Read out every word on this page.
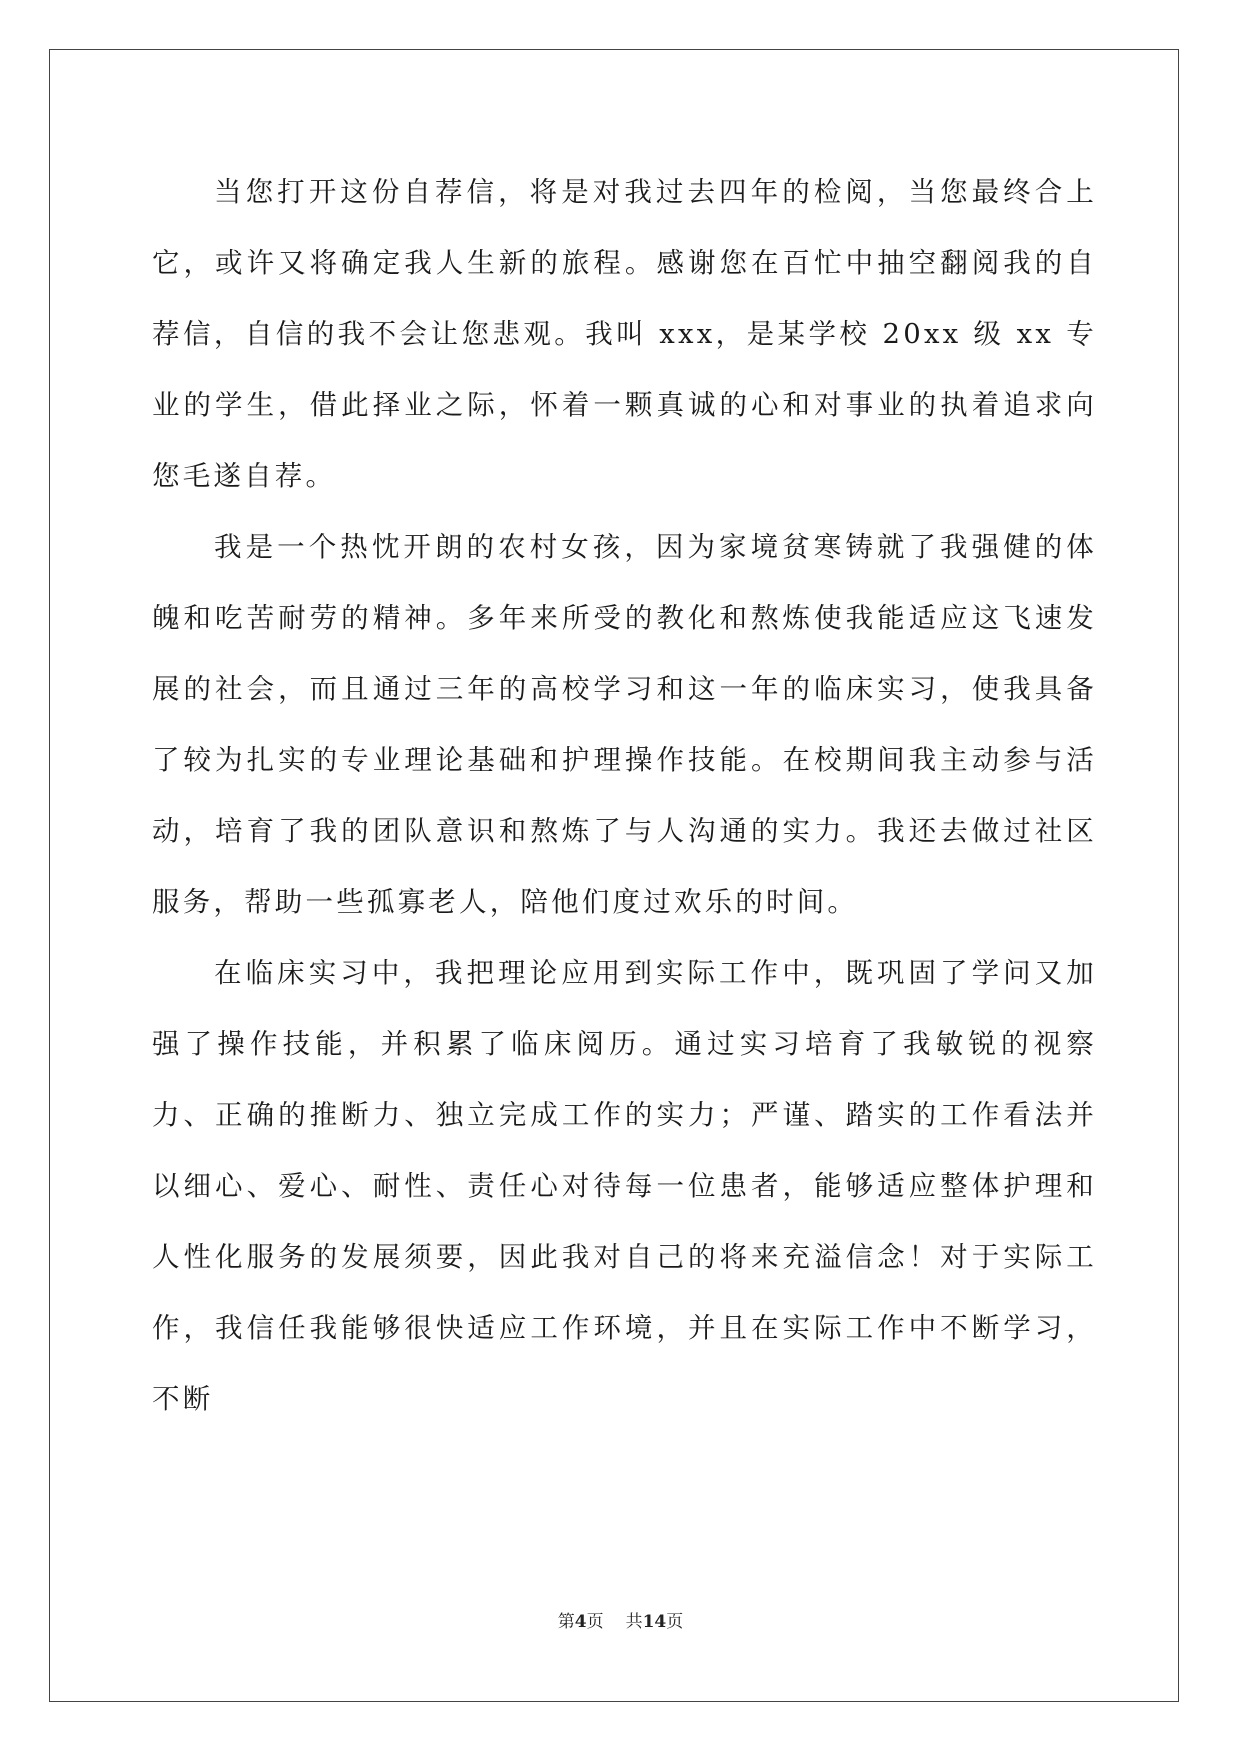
当您打开这份自荐信，将是对我过去四年的检阅，当您最终合上它，或许又将确定我人生新的旅程。感谢您在百忙中抽空翻阅我的自荐信，自信的我不会让您悲观。我叫 xxx，是某学校 20xx 级 xx 专业的学生，借此择业之际，怀着一颗真诚的心和对事业的执着追求向您毛遂自荐。

我是一个热忱开朗的农村女孩，因为家境贫寒铸就了我强健的体魄和吃苦耐劳的精神。多年来所受的教化和熬炼使我能适应这飞速发展的社会，而且通过三年的高校学习和这一年的临床实习，使我具备了较为扎实的专业理论基础和护理操作技能。在校期间我主动参与活动，培育了我的团队意识和熬炼了与人沟通的实力。我还去做过社区服务，帮助一些孤寡老人，陪他们度过欢乐的时间。

在临床实习中，我把理论应用到实际工作中，既巩固了学问又加强了操作技能，并积累了临床阅历。通过实习培育了我敏锐的视察力、正确的推断力、独立完成工作的实力；严谨、踏实的工作看法并以细心、爱心、耐性、责任心对待每一位患者，能够适应整体护理和人性化服务的发展须要，因此我对自己的将来充溢信念！对于实际工作，我信任我能够很快适应工作环境，并且在实际工作中不断学习，不断

第4页 共14页
